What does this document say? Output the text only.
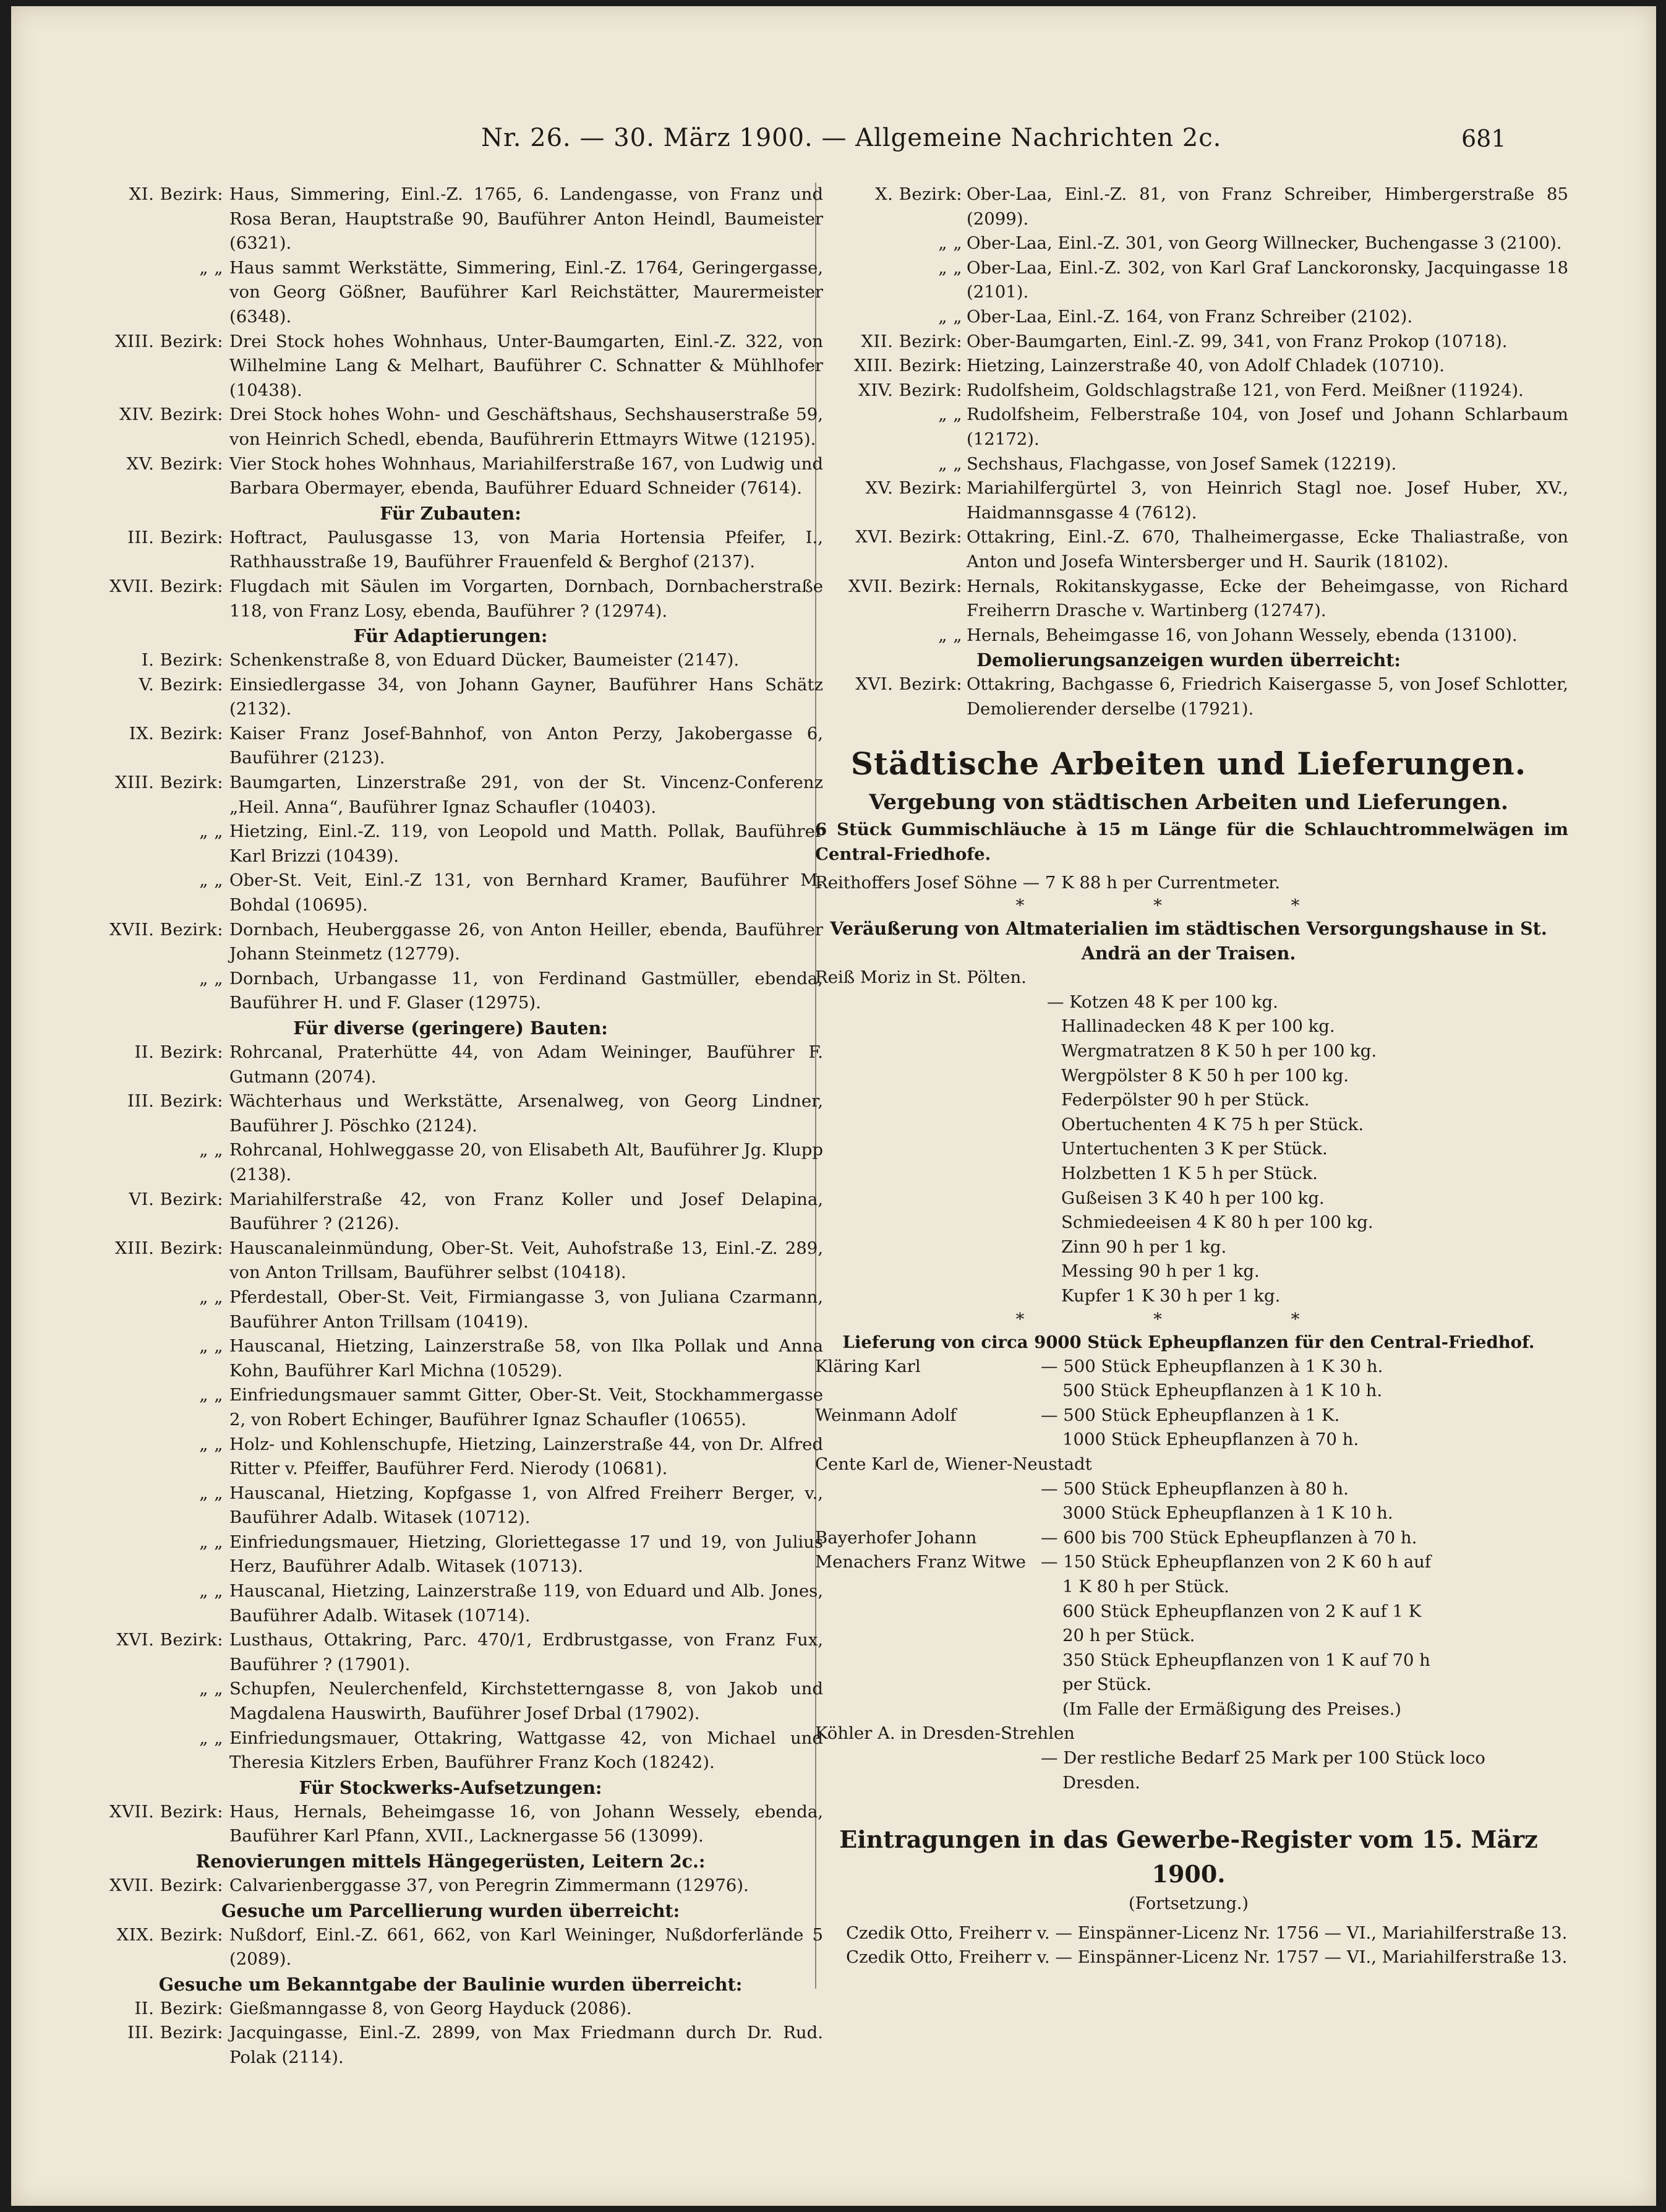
Nr. 26. — 30. März 1900. — Allgemeine Nachrichten 2c.	681
XI. Bezirk: Haus, Simmering, Einl.-Z. 1765, 6. Landengasse, von Franz und Rosa Beran, Hauptstraße 90, Bauführer Anton Heindl, Baumeister (6321).
„ „ Haus sammt Werkstätte, Simmering, Einl.-Z. 1764, Geringergasse, von Georg Gößner, Bauführer Karl Reichstätter, Maurermeister (6348).
XIII. Bezirk: Drei Stock hohes Wohnhaus, Unter-Baumgarten, Einl.-Z. 322, von Wilhelmine Lang & Melhart, Bauführer C. Schnatter & Mühlhofer (10438).
XIV. Bezirk: Drei Stock hohes Wohn- und Geschäftshaus, Sechshauserstraße 59, von Heinrich Schedl, ebenda, Bauführerin Ettmayrs Witwe (12195).
XV. Bezirk: Vier Stock hohes Wohnhaus, Mariahilferstraße 167, von Ludwig und Barbara Obermayer, ebenda, Bauführer Eduard Schneider (7614).
Für Zubauten:
III. Bezirk: Hoftract, Paulusgasse 13, von Maria Hortensia Pfeifer, I., Rathhausstraße 19, Bauführer Frauenfeld & Berghof (2137).
XVII. Bezirk: Flugdach mit Säulen im Vorgarten, Dornbach, Dornbacherstraße 118, von Franz Losy, ebenda, Bauführer ? (12974).
Für Adaptierungen:
I. Bezirk: Schenkenstraße 8, von Eduard Dücker, Baumeister (2147).
V. Bezirk: Einsiedlergasse 34, von Johann Gayner, Bauführer Hans Schätz (2132).
IX. Bezirk: Kaiser Franz Josef-Bahnhof, von Anton Perzy, Jakobergasse 6, Bauführer (2123).
XIII. Bezirk: Baumgarten, Linzerstraße 291, von der St. Vincenz-Conferenz „Heil. Anna“, Bauführer Ignaz Schaufler (10403).
„ „ Hietzing, Einl.-Z. 119, von Leopold und Matth. Pollak, Bauführer Karl Brizzi (10439).
„ „ Ober-St. Veit, Einl.-Z 131, von Bernhard Kramer, Bauführer M. Bohdal (10695).
XVII. Bezirk: Dornbach, Heuberggasse 26, von Anton Heiller, ebenda, Bauführer Johann Steinmetz (12779).
„ „ Dornbach, Urbangasse 11, von Ferdinand Gastmüller, ebenda, Bauführer H. und F. Glaser (12975).
Für diverse (geringere) Bauten:
II. Bezirk: Rohrcanal, Praterhütte 44, von Adam Weininger, Bauführer F. Gutmann (2074).
III. Bezirk: Wächterhaus und Werkstätte, Arsenalweg, von Georg Lindner, Bauführer J. Pöschko (2124).
„ „ Rohrcanal, Hohlweggasse 20, von Elisabeth Alt, Bauführer Jg. Klupp (2138).
VI. Bezirk: Mariahilferstraße 42, von Franz Koller und Josef Delapina, Bauführer ? (2126).
XIII. Bezirk: Hauscanaleinmündung, Ober-St. Veit, Auhofstraße 13, Einl.-Z. 289, von Anton Trillsam, Bauführer selbst (10418).
„ „ Pferdestall, Ober-St. Veit, Firmiangasse 3, von Juliana Czarmann, Bauführer Anton Trillsam (10419).
„ „ Hauscanal, Hietzing, Lainzerstraße 58, von Ilka Pollak und Anna Kohn, Bauführer Karl Michna (10529).
„ „ Einfriedungsmauer sammt Gitter, Ober-St. Veit, Stockhammergasse 2, von Robert Echinger, Bauführer Ignaz Schaufler (10655).
„ „ Holz- und Kohlenschupfe, Hietzing, Lainzerstraße 44, von Dr. Alfred Ritter v. Pfeiffer, Bauführer Ferd. Nierody (10681).
„ „ Hauscanal, Hietzing, Kopfgasse 1, von Alfred Freiherr Berger, v., Bauführer Adalb. Witasek (10712).
„ „ Einfriedungsmauer, Hietzing, Gloriettegasse 17 und 19, von Julius Herz, Bauführer Adalb. Witasek (10713).
„ „ Hauscanal, Hietzing, Lainzerstraße 119, von Eduard und Alb. Jones, Bauführer Adalb. Witasek (10714).
XVI. Bezirk: Lusthaus, Ottakring, Parc. 470/1, Erdbrustgasse, von Franz Fux, Bauführer ? (17901).
„ „ Schupfen, Neulerchenfeld, Kirchstetterngasse 8, von Jakob und Magdalena Hauswirth, Bauführer Josef Drbal (17902).
„ „ Einfriedungsmauer, Ottakring, Wattgasse 42, von Michael und Theresia Kitzlers Erben, Bauführer Franz Koch (18242).
Für Stockwerks-Aufsetzungen:
XVII. Bezirk: Haus, Hernals, Beheimgasse 16, von Johann Wessely, ebenda, Bauführer Karl Pfann, XVII., Lacknergasse 56 (13099).
Renovierungen mittels Hängegerüsten, Leitern 2c.:
XVII. Bezirk: Calvarienberggasse 37, von Peregrin Zimmermann (12976).
Gesuche um Parcellierung wurden überreicht:
XIX. Bezirk: Nußdorf, Einl.-Z. 661, 662, von Karl Weininger, Nußdorferlände 5 (2089).
Gesuche um Bekanntgabe der Baulinie wurden überreicht:
II. Bezirk: Gießmanngasse 8, von Georg Hayduck (2086).
III. Bezirk: Jacquingasse, Einl.-Z. 2899, von Max Friedmann durch Dr. Rud. Polak (2114).
X. Bezirk: Ober-Laa, Einl.-Z. 81, von Franz Schreiber, Himbergerstraße 85 (2099).
„ „ Ober-Laa, Einl.-Z. 301, von Georg Willnecker, Buchengasse 3 (2100).
„ „ Ober-Laa, Einl.-Z. 302, von Karl Graf Lanckoronsky, Jacquingasse 18 (2101).
„ „ Ober-Laa, Einl.-Z. 164, von Franz Schreiber (2102).
XII. Bezirk: Ober-Baumgarten, Einl.-Z. 99, 341, von Franz Prokop (10718).
XIII. Bezirk: Hietzing, Lainzerstraße 40, von Adolf Chladek (10710).
XIV. Bezirk: Rudolfsheim, Goldschlagstraße 121, von Ferd. Meißner (11924).
„ „ Rudolfsheim, Felberstraße 104, von Josef und Johann Schlarbaum (12172).
„ „ Sechshaus, Flachgasse, von Josef Samek (12219).
XV. Bezirk: Mariahilfergürtel 3, von Heinrich Stagl noe. Josef Huber, XV., Haidmannsgasse 4 (7612).
XVI. Bezirk: Ottakring, Einl.-Z. 670, Thalheimergasse, Ecke Thaliastraße, von Anton und Josefa Wintersberger und H. Saurik (18102).
XVII. Bezirk: Hernals, Rokitanskygasse, Ecke der Beheimgasse, von Richard Freiherrn Drasche v. Wartinberg (12747).
„ „ Hernals, Beheimgasse 16, von Johann Wessely, ebenda (13100).
Demolierungsanzeigen wurden überreicht:
XVI. Bezirk: Ottakring, Bachgasse 6, Friedrich Kaisergasse 5, von Josef Schlotter, Demolierender derselbe (17921).
Städtische Arbeiten und Lieferungen.
Vergebung von städtischen Arbeiten und Lieferungen.
6 Stück Gummischläuche à 15 m Länge für die Schlauchtrommelwägen im Central-Friedhofe.
Reithoffers Josef Söhne — 7 K 88 h per Currentmeter.
* * *
Veräußerung von Altmaterialien im städtischen Versorgungshause in St. Andrä an der Traisen.
Reiß Moriz in St. Pölten.
— Kotzen 48 K per 100 kg.
Hallinadecken 48 K per 100 kg.
Wergmatratzen 8 K 50 h per 100 kg.
Wergpölster 8 K 50 h per 100 kg.
Federpölster 90 h per Stück.
Obertuchenten 4 K 75 h per Stück.
Untertuchenten 3 K per Stück.
Holzbetten 1 K 5 h per Stück.
Gußeisen 3 K 40 h per 100 kg.
Schmiedeeisen 4 K 80 h per 100 kg.
Zinn 90 h per 1 kg.
Messing 90 h per 1 kg.
Kupfer 1 K 30 h per 1 kg.
* * *
Lieferung von circa 9000 Stück Epheupflanzen für den Central-Friedhof.
Kläring Karl	— 500 Stück Epheupflanzen à 1 K 30 h.
500 Stück Epheupflanzen à 1 K 10 h.
Weinmann Adolf	— 500 Stück Epheupflanzen à 1 K.
1000 Stück Epheupflanzen à 70 h.
Cente Karl de, Wiener-Neustadt
— 500 Stück Epheupflanzen à 80 h.
3000 Stück Epheupflanzen à 1 K 10 h.
Bayerhofer Johann	— 600 bis 700 Stück Epheupflanzen à 70 h.
Menachers Franz Witwe — 150 Stück Epheupflanzen von 2 K 60 h auf
1 K 80 h per Stück.
600 Stück Epheupflanzen von 2 K auf 1 K
20 h per Stück.
350 Stück Epheupflanzen von 1 K auf 70 h
per Stück.
(Im Falle der Ermäßigung des Preises.)
Köhler A. in Dresden-Strehlen
— Der restliche Bedarf 25 Mark per 100 Stück loco
Dresden.
Eintragungen in das Gewerbe-Register vom 15. März 1900.
(Fortsetzung.)
Czedik Otto, Freiherr v. — Einspänner-Licenz Nr. 1756 — VI., Mariahilferstraße 13.
Czedik Otto, Freiherr v. — Einspänner-Licenz Nr. 1757 — VI., Mariahilferstraße 13.
